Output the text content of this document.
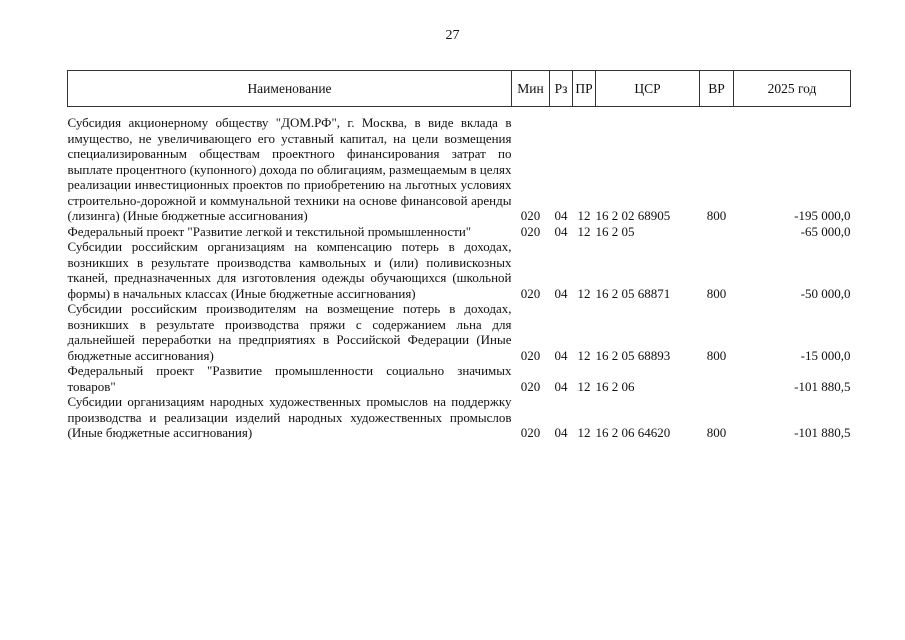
27
Наименование	Мин	Рз	ПР	ЦСР	ВР	2025 год
Субсидия акционерному обществу "ДОМ.РФ", г. Москва, в виде вклада в имущество, не увеличивающего его уставный капитал, на цели возмещения специализированным обществам проектного финансирования затрат по выплате процентного (купонного) дохода по облигациям, размещаемым в целях реализации инвестиционных проектов по приобретению на льготных условиях строительно-дорожной и коммунальной техники на основе финансовой аренды (лизинга) (Иные бюджетные ассигнования)	020	04	12	16 2 02 68905	800	-195 000,0
Федеральный проект "Развитие легкой и текстильной промышленности"	020	04	12	16 2 05		-65 000,0
Субсидии российским организациям на компенсацию потерь в доходах, возникших в результате производства камвольных и (или) поливискозных тканей, предназначенных для изготовления одежды обучающихся (школьной формы) в начальных классах (Иные бюджетные ассигнования)	020	04	12	16 2 05 68871	800	-50 000,0
Субсидии российским производителям на возмещение потерь в доходах, возникших в результате производства пряжи с содержанием льна для дальнейшей переработки на предприятиях в Российской Федерации (Иные бюджетные ассигнования)	020	04	12	16 2 05 68893	800	-15 000,0
Федеральный проект "Развитие промышленности социально значимых товаров"	020	04	12	16 2 06		-101 880,5
Субсидии организациям народных художественных промыслов на поддержку производства и реализации изделий народных художественных промыслов (Иные бюджетные ассигнования)	020	04	12	16 2 06 64620	800	-101 880,5
